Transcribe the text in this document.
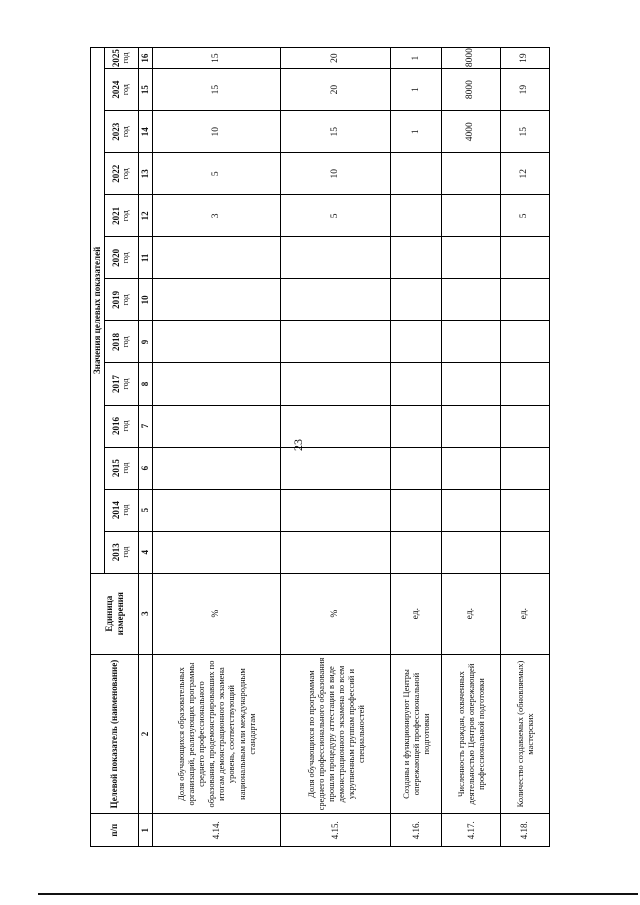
23
п/п	Целевой показатель (наименование)	Единица измерения	Значения целевых показателей												
			2013 год	2014 год	2015 год	2016 год	2017 год	2018 год	2019 год	2020 год	2021 год	2022 год	2023 год	2024 год	2025 год

1	2	3	4	5	6	7	8	9	10	11	12	13	14	15	16
4.14.	Доля обучающихся образовательных организаций, реализующих программы среднего профессионального образования, продемонстрировавших по итогам демонстрационного экзамена уровень, соответствующий национальным или международным стандартам	%									3	5	10	15	15
4.15.	Доля обучающихся по программам среднего профессионального образования прошли процедуру аттестации в виде демонстрационного экзамена по всем укрупненным группам профессий и специальностей	%									5	10	15	20	20
4.16.	Созданы и функционируют Центры опережающей профессиональной подготовки	ед.											1	1	1
4.17.	Численность граждан, охваченных деятельностью Центров опережающей профессиональной подготовки	ед.											4000	8000	8000
4.18.	Количество создаваемых (обновляемых) мастерских	ед.									5	12	15	19	19
